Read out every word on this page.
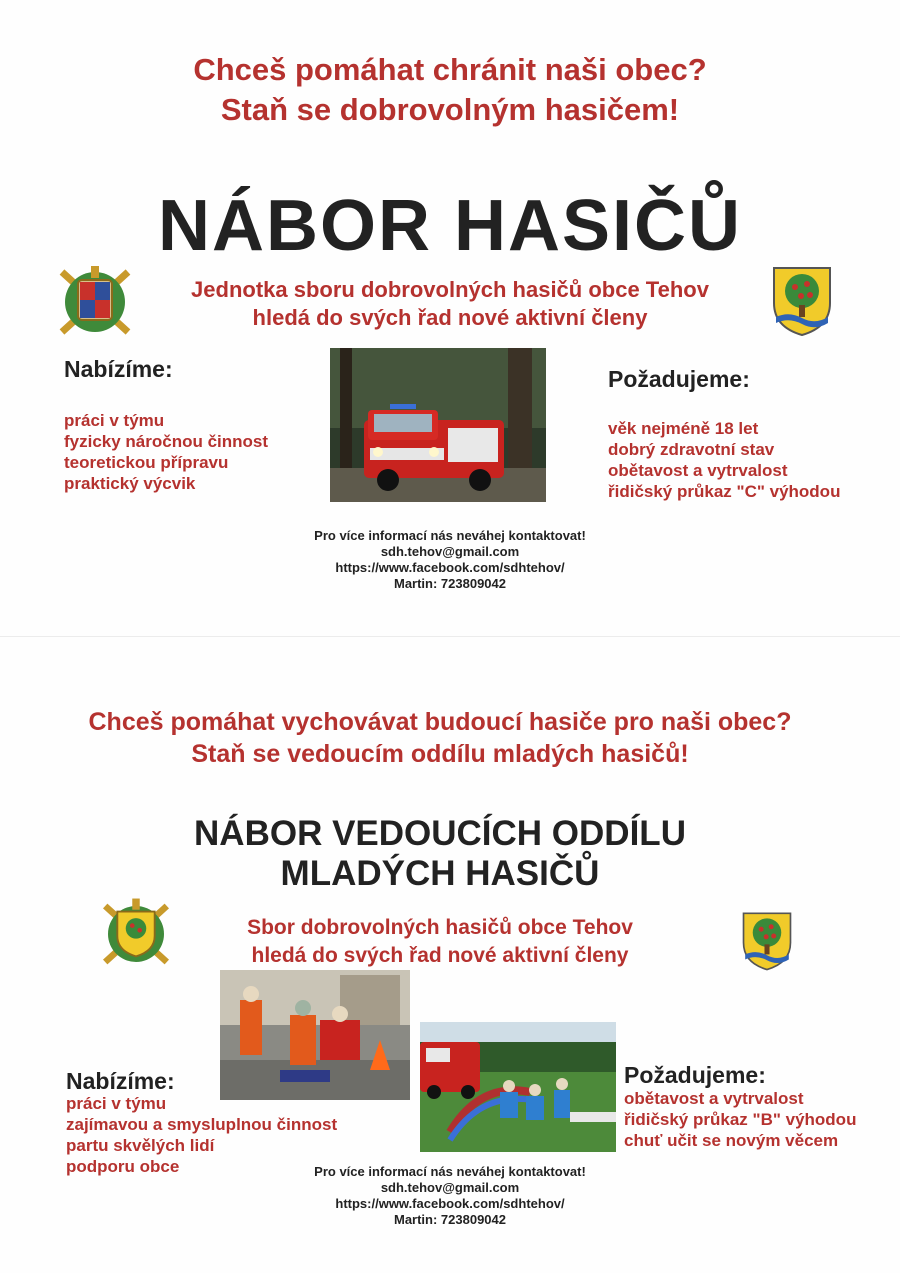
Chceš pomáhat chránit naši obec?
Staň se dobrovolným hasičem!
NÁBOR HASIČŮ
Jednotka sboru dobrovolných hasičů obce Tehov
hledá do svých řad nové aktivní členy
Nabízíme:
práci v týmu
fyzicky náročnou činnost
teoretickou přípravu
praktický výcvik
Požadujeme:
věk nejméně 18 let
dobrý zdravotní stav
obětavost a vytrvalost
řidičský průkaz "C" výhodou
Pro více informací nás neváhej kontaktovat!
sdh.tehov@gmail.com
https://www.facebook.com/sdhtehov/
Martin: 723809042
Chceš pomáhat vychovávat budoucí hasiče pro naši obec?
Staň se vedoucím oddílu mladých hasičů!
NÁBOR VEDOUCÍCH ODDÍLU
MLADÝCH HASIČŮ
Sbor dobrovolných hasičů obce Tehov
hledá do svých řad nové aktivní členy
Nabízíme:
práci v týmu
zajímavou a smysluplnou činnost
partu skvělých lidí
podporu obce
Požadujeme:
obětavost a vytrvalost
řidičský průkaz "B" výhodou
chuť učit se novým věcem
Pro více informací nás neváhej kontaktovat!
sdh.tehov@gmail.com
https://www.facebook.com/sdhtehov/
Martin: 723809042
